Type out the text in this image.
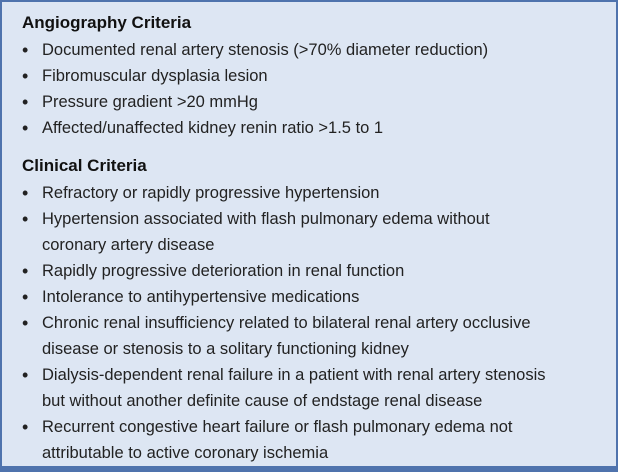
Angiography Criteria
• Documented renal artery stenosis (>70% diameter reduction)
• Fibromuscular dysplasia lesion
• Pressure gradient >20 mmHg
• Affected/unaffected kidney renin ratio >1.5 to 1
Clinical Criteria
• Refractory or rapidly progressive hypertension
• Hypertension associated with flash pulmonary edema without
coronary artery disease
• Rapidly progressive deterioration in renal function
• Intolerance to antihypertensive medications
• Chronic renal insufficiency related to bilateral renal artery occlusive
disease or stenosis to a solitary functioning kidney
• Dialysis-dependent renal failure in a patient with renal artery stenosis
but without another definite cause of endstage renal disease
• Recurrent congestive heart failure or flash pulmonary edema not
attributable to active coronary ischemia
